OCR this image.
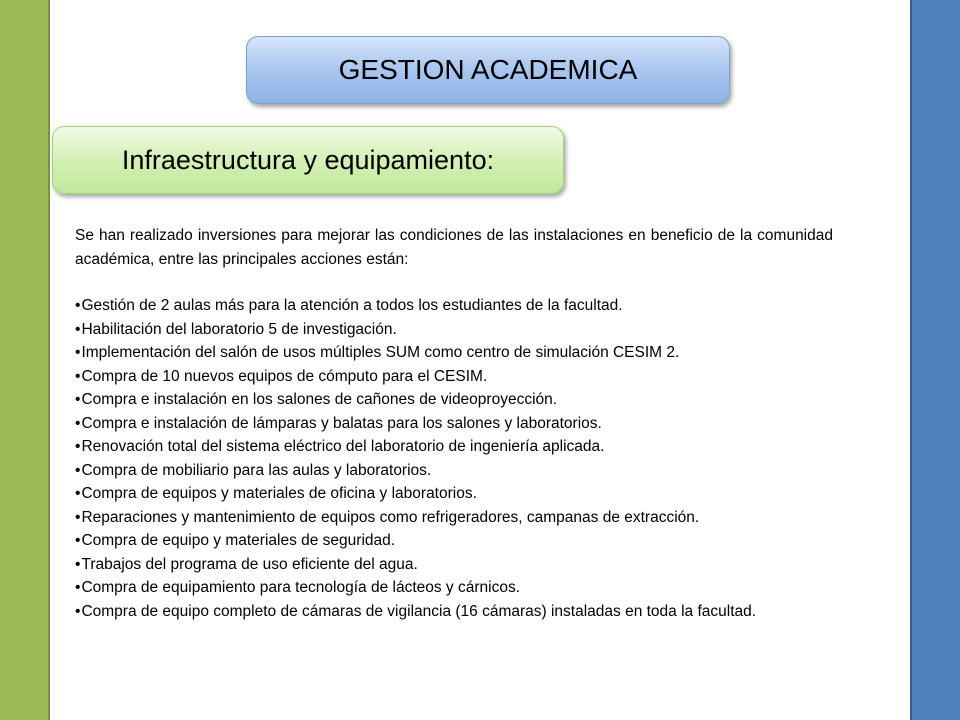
GESTION ACADEMICA
Infraestructura y equipamiento:

Se han realizado inversiones para mejorar las condiciones de las instalaciones en beneficio de la comunidad académica, entre las principales acciones están:

•Gestión de 2 aulas más para la atención a todos los estudiantes de la facultad.
•Habilitación del laboratorio 5 de investigación.
•Implementación del salón de usos múltiples SUM como centro de simulación CESIM 2.
•Compra de 10 nuevos equipos de cómputo para el CESIM.
•Compra e instalación en los salones de cañones de videoproyección.
•Compra e instalación de lámparas y balatas para los salones y laboratorios.
•Renovación total del sistema eléctrico del laboratorio de ingeniería aplicada.
•Compra de mobiliario para las aulas y laboratorios.
•Compra de equipos y materiales de oficina y laboratorios.
•Reparaciones y mantenimiento de equipos como refrigeradores, campanas de extracción.
•Compra de equipo y materiales de seguridad.
•Trabajos del programa de uso eficiente del agua.
•Compra de equipamiento para tecnología de lácteos y cárnicos.
•Compra de equipo completo de cámaras de vigilancia (16 cámaras) instaladas en toda la facultad.
